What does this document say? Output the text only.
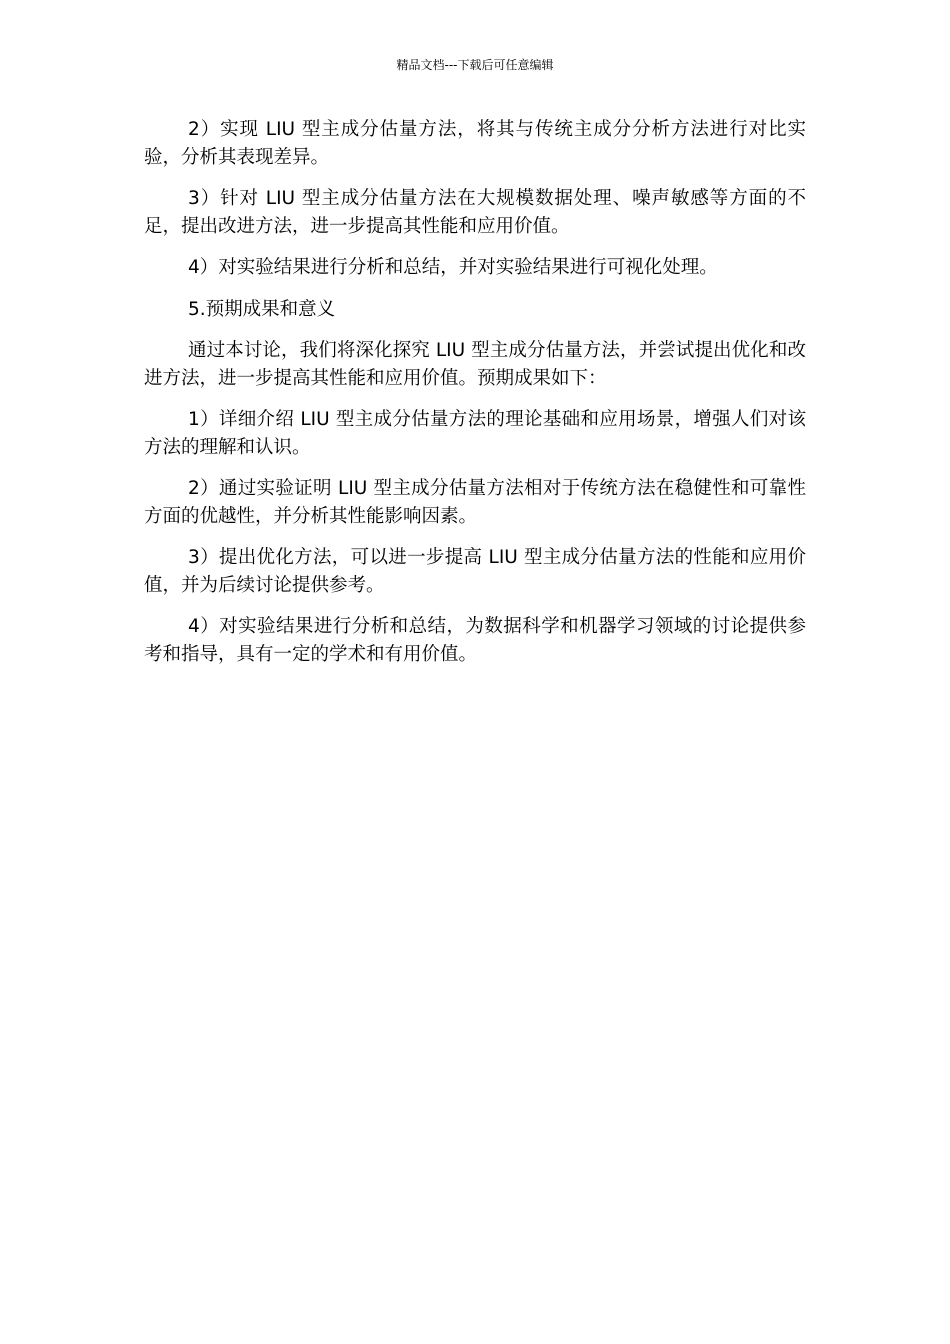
精品文档---下载后可任意编辑

2）实现 LIU 型主成分估量方法，将其与传统主成分分析方法进行对比实验，分析其表现差异。

3）针对 LIU 型主成分估量方法在大规模数据处理、噪声敏感等方面的不足，提出改进方法，进一步提高其性能和应用价值。

4）对实验结果进行分析和总结，并对实验结果进行可视化处理。

5.预期成果和意义

通过本讨论，我们将深化探究 LIU 型主成分估量方法，并尝试提出优化和改进方法，进一步提高其性能和应用价值。预期成果如下：

1）详细介绍 LIU 型主成分估量方法的理论基础和应用场景，增强人们对该方法的理解和认识。

2）通过实验证明 LIU 型主成分估量方法相对于传统方法在稳健性和可靠性方面的优越性，并分析其性能影响因素。

3）提出优化方法，可以进一步提高 LIU 型主成分估量方法的性能和应用价值，并为后续讨论提供参考。

4）对实验结果进行分析和总结，为数据科学和机器学习领域的讨论提供参考和指导，具有一定的学术和有用价值。
